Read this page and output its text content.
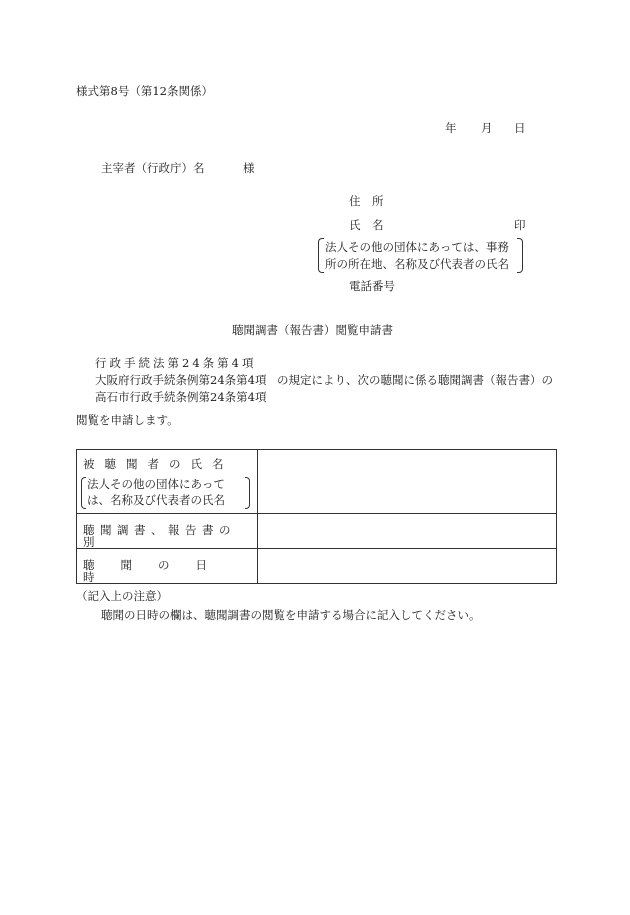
様式第8号（第12条関係）
年 月 日
主宰者（行政庁）名	様
住　所
氏　名	印
法人その他の団体にあっては、事務
所の所在地、名称及び代表者の氏名
電話番号
聴聞調書（報告書）閲覧申請書
行政手続法第24条第4項
大阪府行政手続条例第24条第4項
高石市行政手続条例第24条第4項
の規定により、次の聴聞に係る聴聞調書（報告書）の
閲覧を申請します。
被聴聞者の氏名
法人その他の団体にあって
は、名称及び代表者の氏名	

聴聞調書、報告書の別	

聴聞の日時	

（記入上の注意）
聴聞の日時の欄は、聴聞調書の閲覧を申請する場合に記入してください。
